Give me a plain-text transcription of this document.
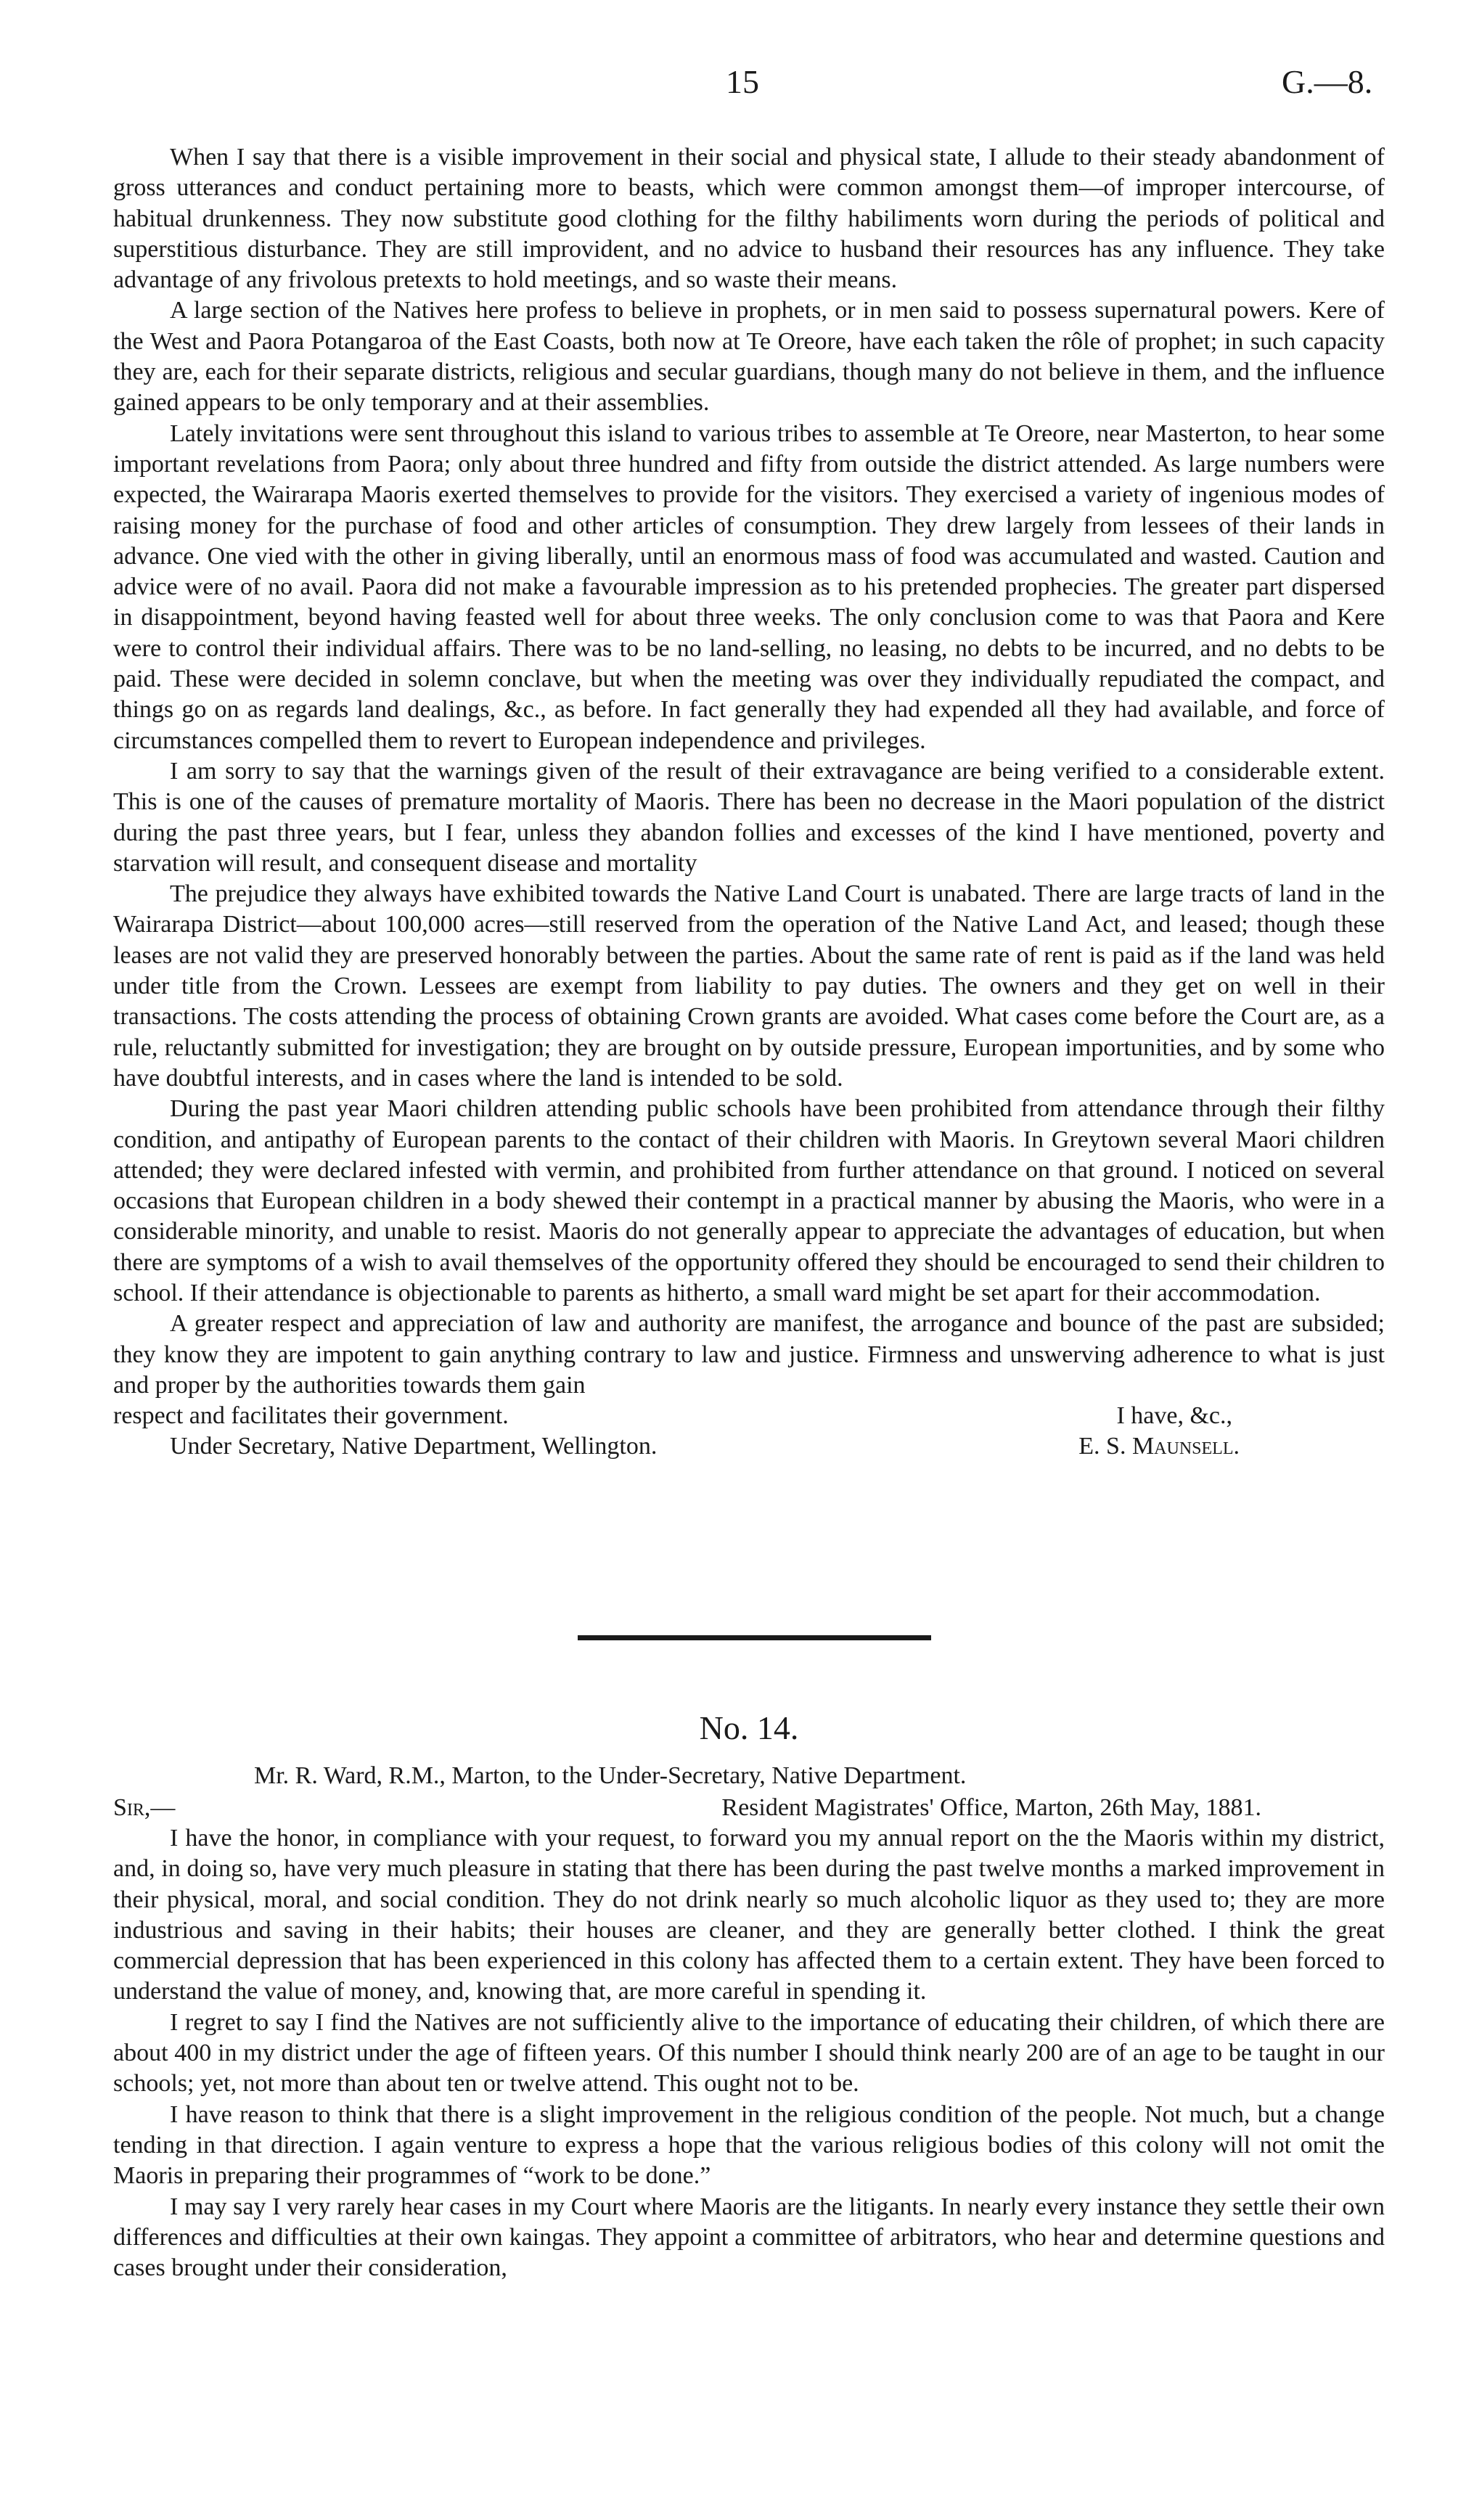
15	G.—8.

When I say that there is a visible improvement in their social and physical state, I allude to their steady abandonment of gross utterances and conduct pertaining more to beasts, which were common amongst them—of improper intercourse, of habitual drunkenness. They now substitute good clothing for the filthy habiliments worn during the periods of political and superstitious disturbance. They are still improvident, and no advice to husband their resources has any influence. They take advantage of any frivolous pretexts to hold meetings, and so waste their means.

A large section of the Natives here profess to believe in prophets, or in men said to possess supernatural powers. Kere of the West and Paora Potangaroa of the East Coasts, both now at Te Oreore, have each taken the rôle of prophet; in such capacity they are, each for their separate districts, religious and secular guardians, though many do not believe in them, and the influence gained appears to be only temporary and at their assemblies.

Lately invitations were sent throughout this island to various tribes to assemble at Te Oreore, near Masterton, to hear some important revelations from Paora; only about three hundred and fifty from outside the district attended. As large numbers were expected, the Wairarapa Maoris exerted themselves to provide for the visitors. They exercised a variety of ingenious modes of raising money for the purchase of food and other articles of consumption. They drew largely from lessees of their lands in advance. One vied with the other in giving liberally, until an enormous mass of food was accumulated and wasted. Caution and advice were of no avail. Paora did not make a favourable impression as to his pretended prophecies. The greater part dispersed in disappointment, beyond having feasted well for about three weeks. The only conclusion come to was that Paora and Kere were to control their individual affairs. There was to be no land-selling, no leasing, no debts to be incurred, and no debts to be paid. These were decided in solemn conclave, but when the meeting was over they individually repudiated the compact, and things go on as regards land dealings, &c., as before. In fact generally they had expended all they had available, and force of circumstances compelled them to revert to European independence and privileges.

I am sorry to say that the warnings given of the result of their extravagance are being verified to a considerable extent. This is one of the causes of premature mortality of Maoris. There has been no decrease in the Maori population of the district during the past three years, but I fear, unless they abandon follies and excesses of the kind I have mentioned, poverty and starvation will result, and consequent disease and mortality

The prejudice they always have exhibited towards the Native Land Court is unabated. There are large tracts of land in the Wairarapa District—about 100,000 acres—still reserved from the operation of the Native Land Act, and leased; though these leases are not valid they are preserved honorably between the parties. About the same rate of rent is paid as if the land was held under title from the Crown. Lessees are exempt from liability to pay duties. The owners and they get on well in their transactions. The costs attending the process of obtaining Crown grants are avoided. What cases come before the Court are, as a rule, reluctantly submitted for investigation; they are brought on by outside pressure, European importunities, and by some who have doubtful interests, and in cases where the land is intended to be sold.

During the past year Maori children attending public schools have been prohibited from attendance through their filthy condition, and antipathy of European parents to the contact of their children with Maoris. In Greytown several Maori children attended; they were declared infested with vermin, and prohibited from further attendance on that ground. I noticed on several occasions that European children in a body shewed their contempt in a practical manner by abusing the Maoris, who were in a considerable minority, and unable to resist. Maoris do not generally appear to appreciate the advantages of education, but when there are symptoms of a wish to avail themselves of the opportunity offered they should be encouraged to send their children to school. If their attendance is objectionable to parents as hitherto, a small ward might be set apart for their accommodation.

A greater respect and appreciation of law and authority are manifest, the arrogance and bounce of the past are subsided; they know they are impotent to gain anything contrary to law and justice. Firmness and unswerving adherence to what is just and proper by the authorities towards them gain

respect and facilitates their government.	I have, &c.,
Under Secretary, Native Department, Wellington.	E. S. Maunsell.
No. 14.
Mr. R. Ward, R.M., Marton, to the Under-Secretary, Native Department.
Sir,—	Resident Magistrates' Office, Marton, 26th May, 1881.

I have the honor, in compliance with your request, to forward you my annual report on the the Maoris within my district, and, in doing so, have very much pleasure in stating that there has been during the past twelve months a marked improvement in their physical, moral, and social condition. They do not drink nearly so much alcoholic liquor as they used to; they are more industrious and saving in their habits; their houses are cleaner, and they are generally better clothed. I think the great commercial depression that has been experienced in this colony has affected them to a certain extent. They have been forced to understand the value of money, and, knowing that, are more careful in spending it.

I regret to say I find the Natives are not sufficiently alive to the importance of educating their children, of which there are about 400 in my district under the age of fifteen years. Of this number I should think nearly 200 are of an age to be taught in our schools; yet, not more than about ten or twelve attend. This ought not to be.

I have reason to think that there is a slight improvement in the religious condition of the people. Not much, but a change tending in that direction. I again venture to express a hope that the various religious bodies of this colony will not omit the Maoris in preparing their programmes of “work to be done.”

I may say I very rarely hear cases in my Court where Maoris are the litigants. In nearly every instance they settle their own differences and difficulties at their own kaingas. They appoint a committee of arbitrators, who hear and determine questions and cases brought under their consideration,
